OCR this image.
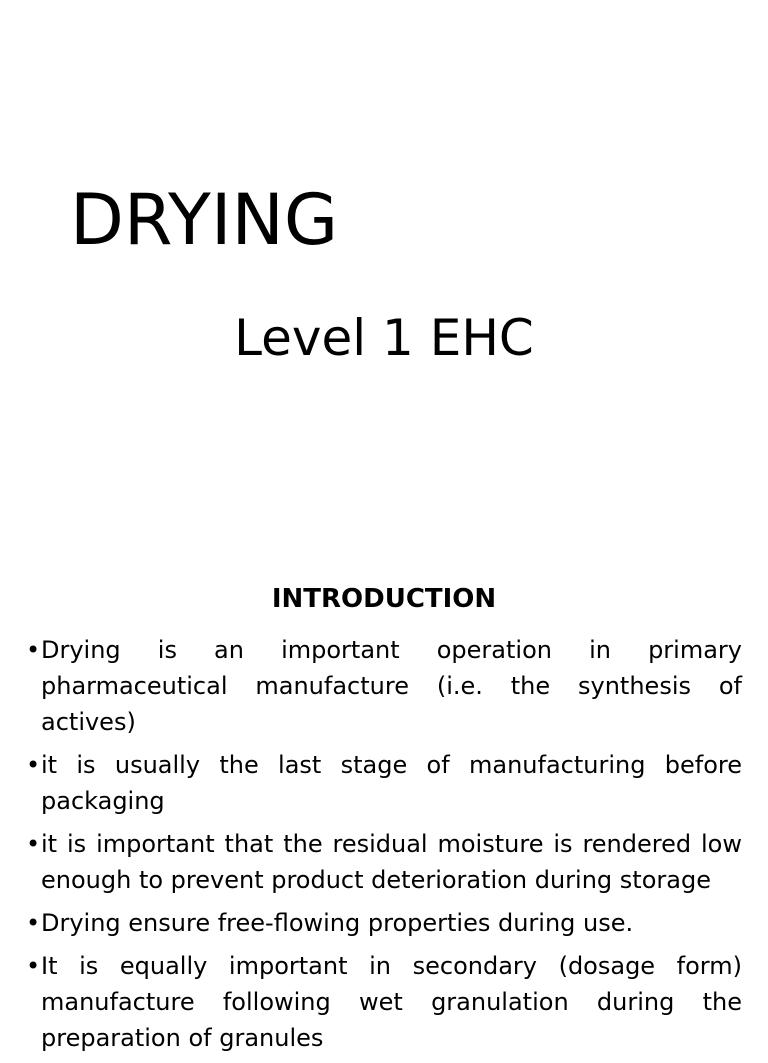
DRYING

Level 1 EHC

INTRODUCTION
• Drying is an important operation in primary pharmaceutical manufacture (i.e. the synthesis of actives)
• it is usually the last stage of manufacturing before packaging
• it is important that the residual moisture is rendered low enough to prevent product deterioration during storage
• Drying ensure free-flowing properties during use.
• It is equally important in secondary (dosage form) manufacture following wet granulation during the preparation of granules
